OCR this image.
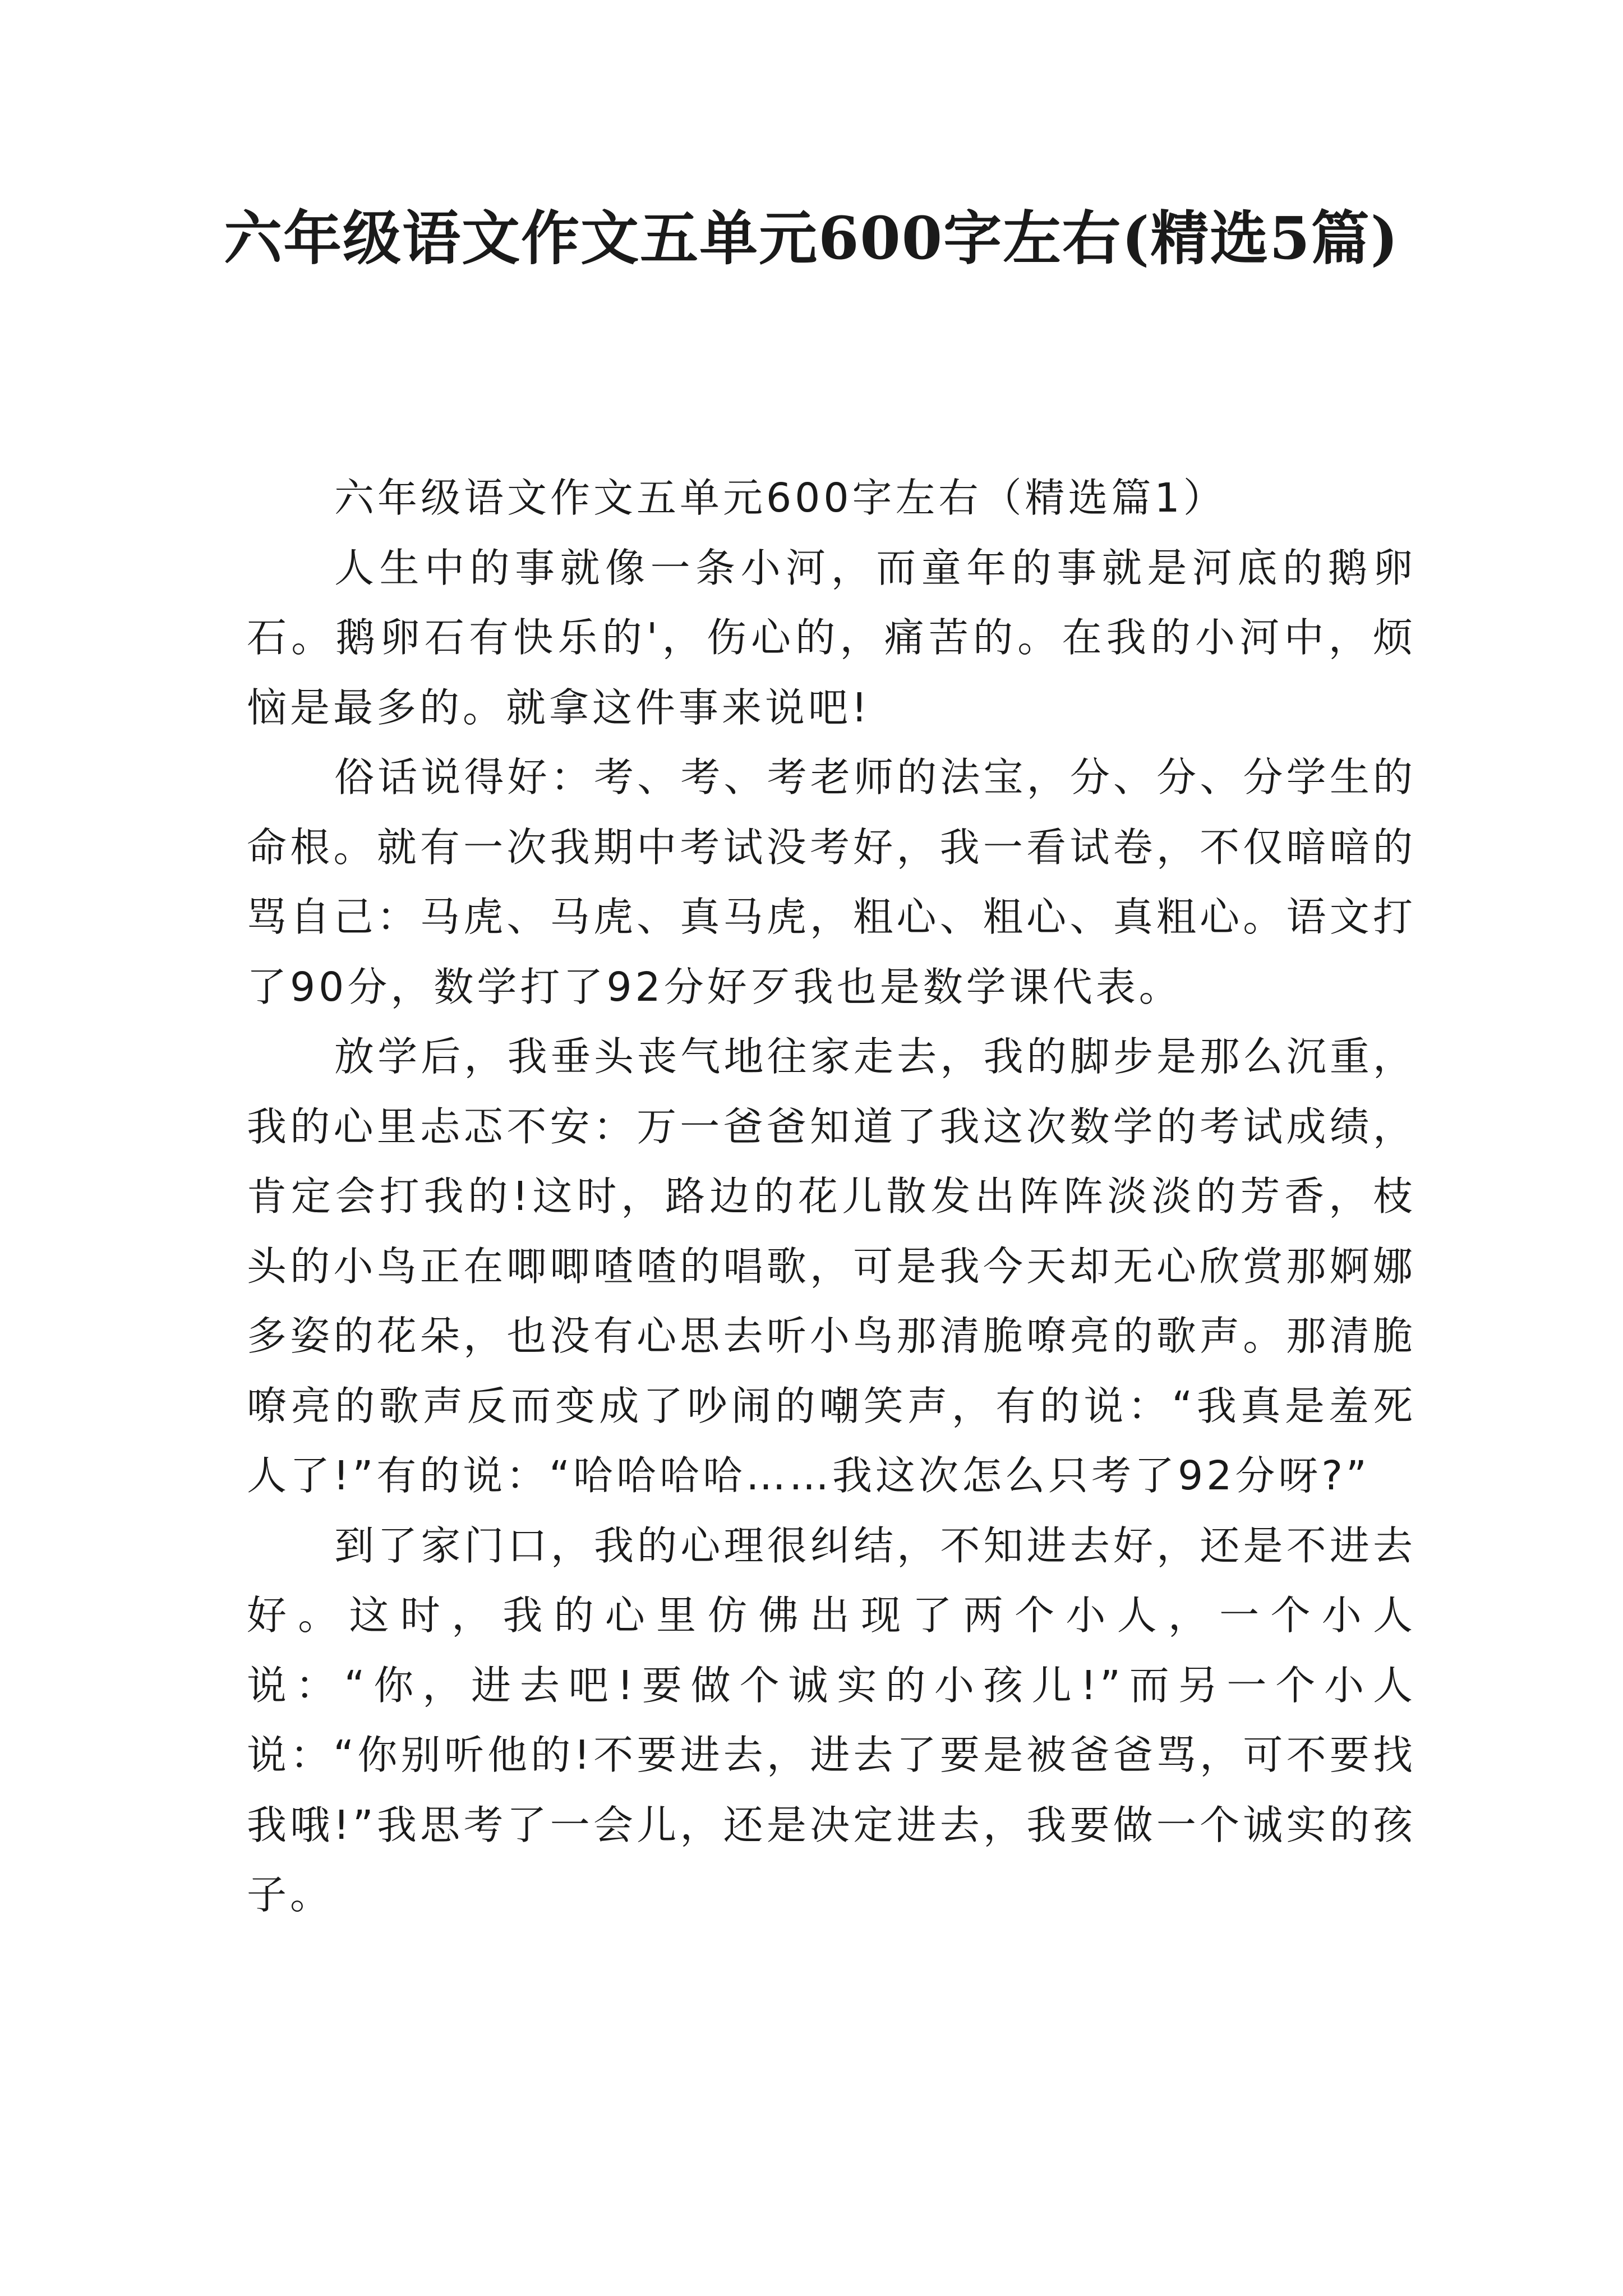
六年级语文作文五单元600字左右(精选5篇)

六年级语文作文五单元600字左右（精选篇1）

人生中的事就像一条小河，而童年的事就是河底的鹅卵石。鹅卵石有快乐的'，伤心的，痛苦的。在我的小河中，烦恼是最多的。就拿这件事来说吧!

俗话说得好：考、考、考老师的法宝，分、分、分学生的命根。就有一次我期中考试没考好，我一看试卷，不仅暗暗的骂自己：马虎、马虎、真马虎，粗心、粗心、真粗心。语文打了90分，数学打了92分好歹我也是数学课代表。

放学后，我垂头丧气地往家走去，我的脚步是那么沉重，我的心里忐忑不安：万一爸爸知道了我这次数学的考试成绩，肯定会打我的!这时，路边的花儿散发出阵阵淡淡的芳香，枝头的小鸟正在唧唧喳喳的唱歌，可是我今天却无心欣赏那婀娜多姿的花朵，也没有心思去听小鸟那清脆嘹亮的歌声。那清脆嘹亮的歌声反而变成了吵闹的嘲笑声，有的说：“我真是羞死人了!”有的说：“哈哈哈哈……我这次怎么只考了92分呀?”

到了家门口，我的心理很纠结，不知进去好，还是不进去好。这时，我的心里仿佛出现了两个小人，一个小人说：“你，进去吧!要做个诚实的小孩儿!”而另一个小人说：“你别听他的!不要进去，进去了要是被爸爸骂，可不要找我哦!”我思考了一会儿，还是决定进去，我要做一个诚实的孩子。
